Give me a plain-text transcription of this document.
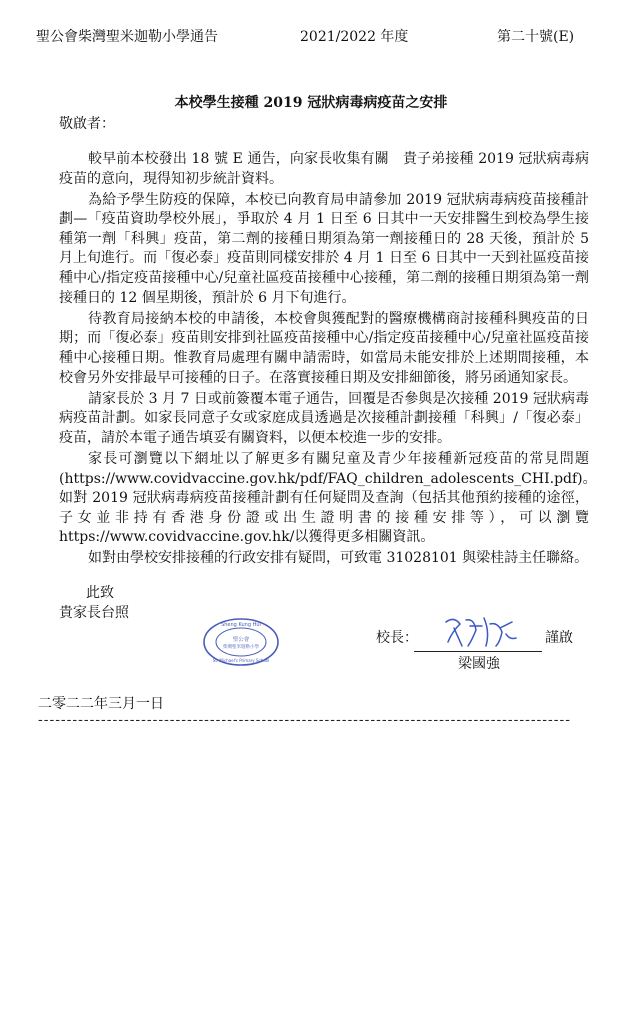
聖公會柴灣聖米迦勒小學通告	2021/2022 年度	第二十號(E)
本校學生接種 2019 冠狀病毒病疫苗之安排
敬啟者：

較早前本校發出 18 號 E 通告，向家長收集有關　貴子弟接種 2019 冠狀病毒病疫苗的意向，現得知初步統計資料。

為給予學生防疫的保障，本校已向教育局申請參加 2019 冠狀病毒病疫苗接種計劃—「疫苗資助學校外展」，爭取於 4 月 1 日至 6 日其中一天安排醫生到校為學生接種第一劑「科興」疫苗，第二劑的接種日期須為第一劑接種日的 28 天後，預計於 5 月上旬進行。而「復必泰」疫苗則同樣安排於 4 月 1 日至 6 日其中一天到社區疫苗接種中心/指定疫苗接種中心/兒童社區疫苗接種中心接種，第二劑的接種日期須為第一劑接種日的 12 個星期後，預計於 6 月下旬進行。

待教育局接納本校的申請後，本校會與獲配對的醫療機構商討接種科興疫苗的日期；而「復必泰」疫苗則安排到社區疫苗接種中心/指定疫苗接種中心/兒童社區疫苗接種中心接種日期。惟教育局處理有關申請需時，如當局未能安排於上述期間接種，本校會另外安排最早可接種的日子。在落實接種日期及安排細節後，將另函通知家長。

請家長於 3 月 7 日或前簽覆本電子通告，回覆是否參與是次接種 2019 冠狀病毒病疫苗計劃。如家長同意子女或家庭成員透過是次接種計劃接種「科興」/「復必泰」疫苗，請於本電子通告填妥有關資料，以便本校進一步的安排。

家長可瀏覽以下網址以了解更多有關兒童及青少年接種新冠疫苗的常見問題(https://www.covidvaccine.gov.hk/pdf/FAQ_children_adolescents_CHI.pdf)。如對 2019 冠狀病毒病疫苗接種計劃有任何疑問及查詢（包括其他預約接種的途徑，子女並非持有香港身份證或出生證明書的接種安排等），可以瀏覽 https://www.covidvaccine.gov.hk/以獲得更多相關資訊。

如對由學校安排接種的行政安排有疑問，可致電 31028101 與梁桂詩主任聯絡。

此致
貴家長台照
Sheng Kung Hui
聖公會
柴灣聖米迦勒小學
St. Michael's Primary School
校長：	謹啟
梁國強
二零二二年三月一日
---------------------------------------------------------------------------------------------
